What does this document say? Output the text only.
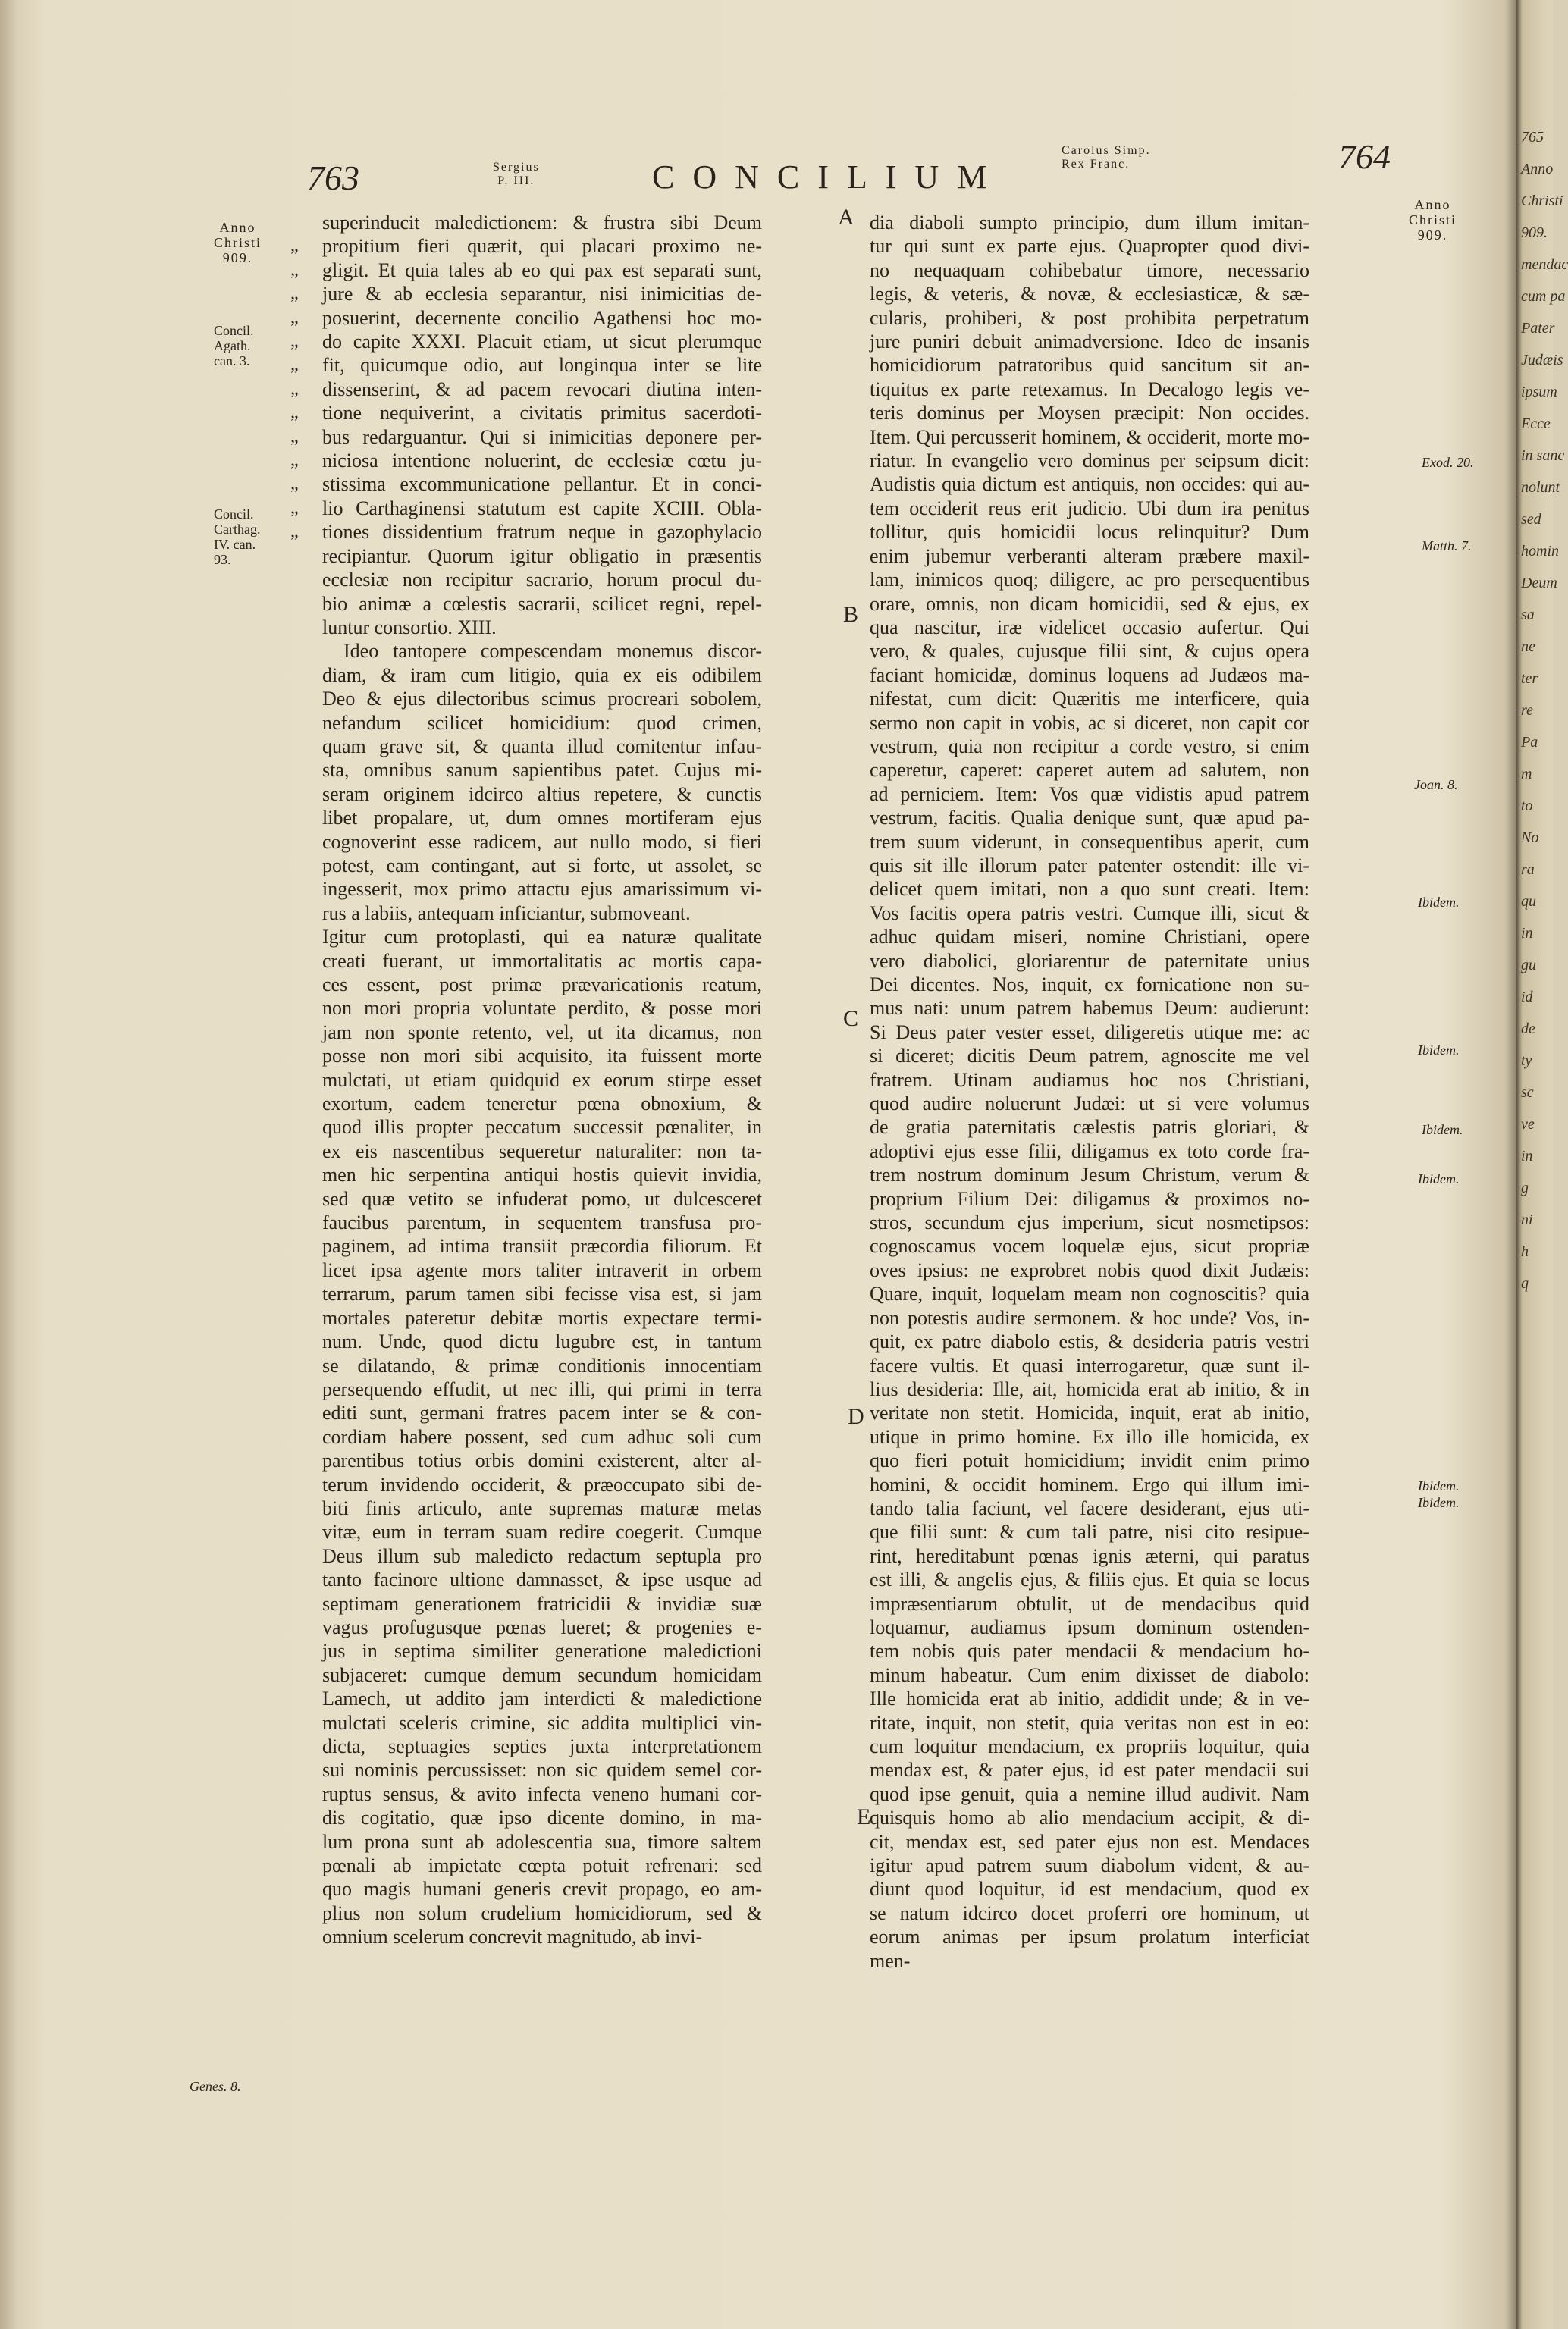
763	Sergius
P. III.	CONCILIUM
Carolus Simp.
Rex Franc.	764
Anno
Christi
909.
Concil.
Agath.
can. 3.
Concil.
Carthag.
IV. can.
93.
Genes. 8.
A
B
C
D
E

superinducit maledictionem: & frustra sibi Deum

propitium fieri quærit, qui placari proximo ne-

„

gligit. Et quia tales ab eo qui pax est separati sunt,

„

jure & ab ecclesia separantur, nisi inimicitias de-

„

posuerint, decernente concilio Agathensi hoc mo-

„

do capite XXXI. Placuit etiam, ut sicut plerumque

„

fit, quicumque odio, aut longinqua inter se lite

„

dissenserint, & ad pacem revocari diutina inten-

„

tione nequiverint, a civitatis primitus sacerdoti-

„

bus redarguantur. Qui si inimicitias deponere per-

„

niciosa intentione noluerint, de ecclesiæ cœtu ju-

„

stissima excommunicatione pellantur. Et in conci-

„

lio Carthaginensi statutum est capite XCIII. Obla-

„

tiones dissidentium fratrum neque in gazophylacio

„

recipiantur. Quorum igitur obligatio in præsentis

ecclesiæ non recipitur sacrario, horum procul du-

bio animæ a cœlestis sacrarii, scilicet regni, repel-

luntur consortio. XIII.

Ideo tantopere compescendam monemus discor-

diam, & iram cum litigio, quia ex eis odibilem

Deo & ejus dilectoribus scimus procreari sobolem,

nefandum scilicet homicidium: quod crimen,

quam grave sit, & quanta illud comitentur infau-

sta, omnibus sanum sapientibus patet. Cujus mi-

seram originem idcirco altius repetere, & cunctis

libet propalare, ut, dum omnes mortiferam ejus

cognoverint esse radicem, aut nullo modo, si fieri

potest, eam contingant, aut si forte, ut assolet, se

ingesserit, mox primo attactu ejus amarissimum vi-

rus a labiis, antequam inficiantur, submoveant.

Igitur cum protoplasti, qui ea naturæ qualitate

creati fuerant, ut immortalitatis ac mortis capa-

ces essent, post primæ prævaricationis reatum,

non mori propria voluntate perdito, & posse mori

jam non sponte retento, vel, ut ita dicamus, non

posse non mori sibi acquisito, ita fuissent morte

mulctati, ut etiam quidquid ex eorum stirpe esset

exortum, eadem teneretur pœna obnoxium, &

quod illis propter peccatum successit pœnaliter, in

ex eis nascentibus sequeretur naturaliter: non ta-

men hic serpentina antiqui hostis quievit invidia,

sed quæ vetito se infuderat pomo, ut dulcesceret

faucibus parentum, in sequentem transfusa pro-

paginem, ad intima transiit præcordia filiorum. Et

licet ipsa agente mors taliter intraverit in orbem

terrarum, parum tamen sibi fecisse visa est, si jam

mortales pateretur debitæ mortis expectare termi-

num. Unde, quod dictu lugubre est, in tantum

se dilatando, & primæ conditionis innocentiam

persequendo effudit, ut nec illi, qui primi in terra

editi sunt, germani fratres pacem inter se & con-

cordiam habere possent, sed cum adhuc soli cum

parentibus totius orbis domini existerent, alter al-

terum invidendo occiderit, & præoccupato sibi de-

biti finis articulo, ante supremas maturæ metas

vitæ, eum in terram suam redire coegerit. Cumque

Deus illum sub maledicto redactum septupla pro

tanto facinore ultione damnasset, & ipse usque ad

septimam generationem fratricidii & invidiæ suæ

vagus profugusque pœnas lueret; & progenies e-

jus in septima similiter generatione maledictioni

subjaceret: cumque demum secundum homicidam

Lamech, ut addito jam interdicti & maledictione

mulctati sceleris crimine, sic addita multiplici vin-

dicta, septuagies septies juxta interpretationem

sui nominis percussisset: non sic quidem semel cor-

ruptus sensus, & avito infecta veneno humani cor-

dis cogitatio, quæ ipso dicente domino, in ma-

lum prona sunt ab adolescentia sua, timore saltem

pœnali ab impietate cœpta potuit refrenari: sed

quo magis humani generis crevit propago, eo am-

plius non solum crudelium homicidiorum, sed &

omnium scelerum concrevit magnitudo, ab invi-

dia diaboli sumpto principio, dum illum imitan-

tur qui sunt ex parte ejus. Quapropter quod divi-

no nequaquam cohibebatur timore, necessario

legis, & veteris, & novæ, & ecclesiasticæ, & sæ-

cularis, prohiberi, & post prohibita perpetratum

jure puniri debuit animadversione. Ideo de insanis

homicidiorum patratoribus quid sancitum sit an-

tiquitus ex parte retexamus. In Decalogo legis ve-

teris dominus per Moysen præcipit: Non occides.

Item. Qui percusserit hominem, & occiderit, morte mo-

riatur. In evangelio vero dominus per seipsum dicit:

Audistis quia dictum est antiquis, non occides: qui au-

tem occiderit reus erit judicio. Ubi dum ira penitus

tollitur, quis homicidii locus relinquitur? Dum

enim jubemur verberanti alteram præbere maxil-

lam, inimicos quoq; diligere, ac pro persequentibus

orare, omnis, non dicam homicidii, sed & ejus, ex

qua nascitur, iræ videlicet occasio aufertur. Qui

vero, & quales, cujusque filii sint, & cujus opera

faciant homicidæ, dominus loquens ad Judæos ma-

nifestat, cum dicit: Quæritis me interficere, quia

sermo non capit in vobis, ac si diceret, non capit cor

vestrum, quia non recipitur a corde vestro, si enim

caperetur, caperet: caperet autem ad salutem, non

ad perniciem. Item: Vos quæ vidistis apud patrem

vestrum, facitis. Qualia denique sunt, quæ apud pa-

trem suum viderunt, in consequentibus aperit, cum

quis sit ille illorum pater patenter ostendit: ille vi-

delicet quem imitati, non a quo sunt creati. Item:

Vos facitis opera patris vestri. Cumque illi, sicut &

adhuc quidam miseri, nomine Christiani, opere

vero diabolici, gloriarentur de paternitate unius

Dei dicentes. Nos, inquit, ex fornicatione non su-

mus nati: unum patrem habemus Deum: audierunt:

Si Deus pater vester esset, diligeretis utique me: ac

si diceret; dicitis Deum patrem, agnoscite me vel

fratrem. Utinam audiamus hoc nos Christiani,

quod audire noluerunt Judæi: ut si vere volumus

de gratia paternitatis cælestis patris gloriari, &

adoptivi ejus esse filii, diligamus ex toto corde fra-

trem nostrum dominum Jesum Christum, verum &

proprium Filium Dei: diligamus & proximos no-

stros, secundum ejus imperium, sicut nosmetipsos:

cognoscamus vocem loquelæ ejus, sicut propriæ

oves ipsius: ne exprobret nobis quod dixit Judæis:

Quare, inquit, loquelam meam non cognoscitis? quia

non potestis audire sermonem. & hoc unde? Vos, in-

quit, ex patre diabolo estis, & desideria patris vestri

facere vultis. Et quasi interrogaretur, quæ sunt il-

lius desideria: Ille, ait, homicida erat ab initio, & in

veritate non stetit. Homicida, inquit, erat ab initio,

utique in primo homine. Ex illo ille homicida, ex

quo fieri potuit homicidium; invidit enim primo

homini, & occidit hominem. Ergo qui illum imi-

tando talia faciunt, vel facere desiderant, ejus uti-

que filii sunt: & cum tali patre, nisi cito resipue-

rint, hereditabunt pœnas ignis æterni, qui paratus

est illi, & angelis ejus, & filiis ejus. Et quia se locus

impræsentiarum obtulit, ut de mendacibus quid

loquamur, audiamus ipsum dominum ostenden-

tem nobis quis pater mendacii & mendacium ho-

minum habeatur. Cum enim dixisset de diabolo:

Ille homicida erat ab initio, addidit unde; & in ve-

ritate, inquit, non stetit, quia veritas non est in eo:

cum loquitur mendacium, ex propriis loquitur, quia

mendax est, & pater ejus, id est pater mendacii sui

quod ipse genuit, quia a nemine illud audivit. Nam

quisquis homo ab alio mendacium accipit, & di-

cit, mendax est, sed pater ejus non est. Mendaces

igitur apud patrem suum diabolum vident, & au-

diunt quod loquitur, id est mendacium, quod ex

se natum idcirco docet proferri ore hominum, ut

eorum animas per ipsum prolatum interficiat

men-

Anno
Christi
909.
Exod. 20.
Matth. 7.
Joan. 8.
Ibidem.
Ibidem.
Ibidem.
Ibidem.
Ibidem.
Ibidem.
765
Anno
Christi
909.
mendac
cum pa
Pater
Judæis
ipsum
Ecce
in sanc
nolunt
sed
homin
Deum
sa
ne
ter
re
Pa
m
to
No
ra
qu
in
gu
id
de
ty
sc
ve
in
g
ni
h
q
